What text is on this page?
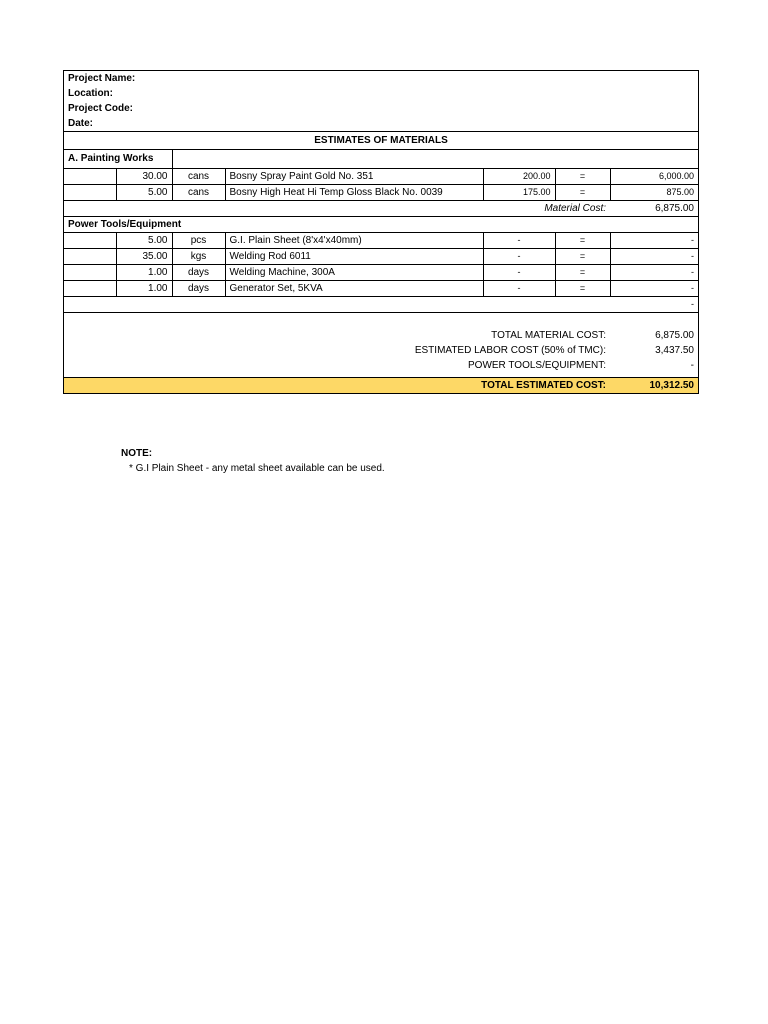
Project Name:						
Location:						
Project Code:						
Date:						
ESTIMATES OF MATERIALS						
A. Painting Works						
	30.00	cans	Bosny Spray Paint Gold No. 351	200.00	=	6,000.00
	5.00	cans	Bosny High Heat Hi Temp Gloss Black No. 0039	175.00	=	875.00
Material Cost:						6,875.00
Power Tools/Equipment						
	5.00	pcs	G.I. Plain Sheet (8'x4'x40mm)	-	=	-
	35.00	kgs	Welding Rod 6011	-	=	-
	1.00	days	Welding Machine, 300A	-	=	-
	1.00	days	Generator Set, 5KVA	-	=	-
						-

TOTAL MATERIAL COST:						6,875.00
ESTIMATED LABOR COST (50% of TMC):						3,437.50
POWER TOOLS/EQUIPMENT:						-

TOTAL ESTIMATED COST:						10,312.50
NOTE:
* G.I Plain Sheet - any metal sheet available can be used.
